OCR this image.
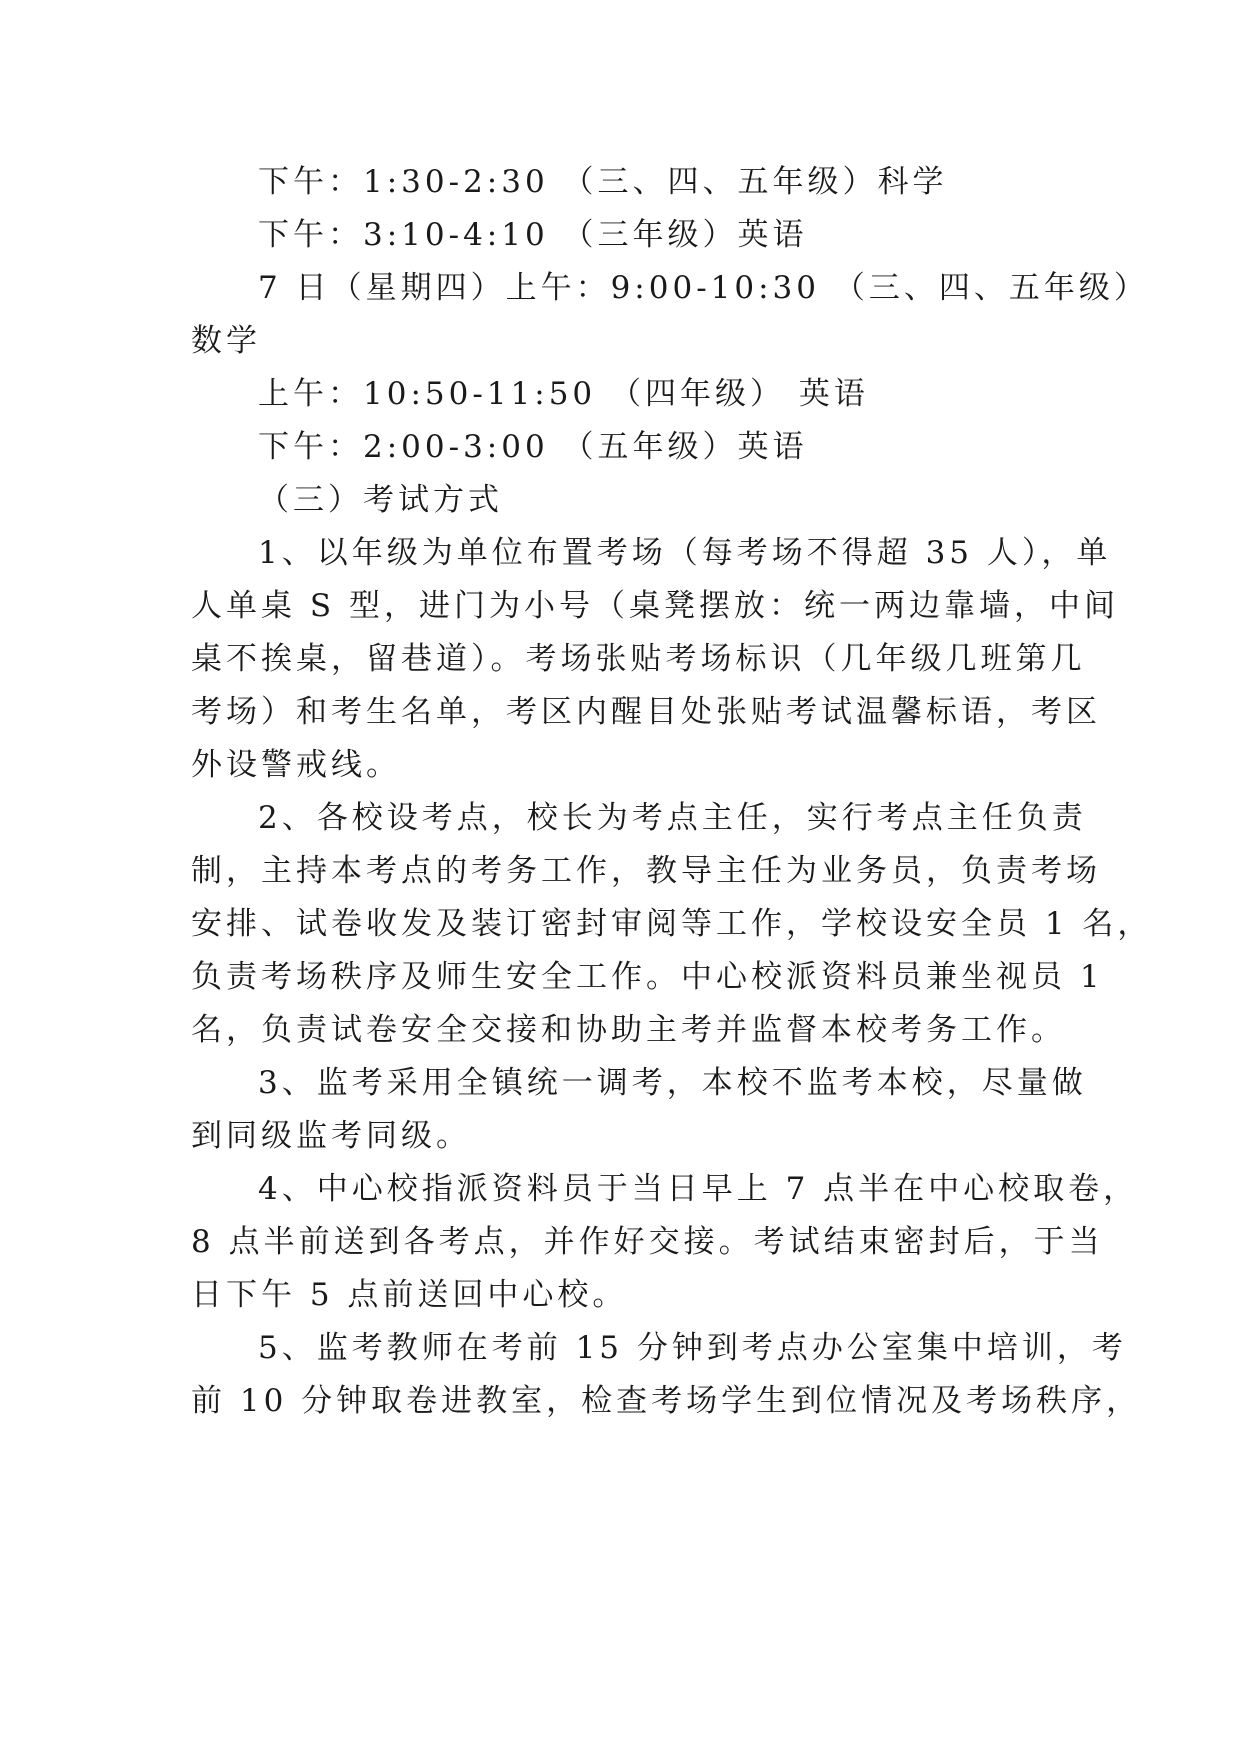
下午：1:30-2:30 （三、四、五年级）科学
下午：3:10-4:10 （三年级）英语
7 日（星期四）上午：9:00-10:30 （三、四、五年级）
数学
上午：10:50-11:50 （四年级） 英语
下午：2:00-3:00 （五年级）英语
（三）考试方式
1、以年级为单位布置考场（每考场不得超 35 人），单
人单桌 S 型，进门为小号（桌凳摆放：统一两边靠墙，中间
桌不挨桌，留巷道）。考场张贴考场标识（几年级几班第几
考场）和考生名单，考区内醒目处张贴考试温馨标语，考区
外设警戒线。
2、各校设考点，校长为考点主任，实行考点主任负责
制，主持本考点的考务工作，教导主任为业务员，负责考场
安排、试卷收发及装订密封审阅等工作，学校设安全员 1 名，
负责考场秩序及师生安全工作。中心校派资料员兼坐视员 1
名，负责试卷安全交接和协助主考并监督本校考务工作。
3、监考采用全镇统一调考，本校不监考本校，尽量做
到同级监考同级。
4、中心校指派资料员于当日早上 7 点半在中心校取卷，
8 点半前送到各考点，并作好交接。考试结束密封后，于当
日下午 5 点前送回中心校。
5、监考教师在考前 15 分钟到考点办公室集中培训，考
前 10 分钟取卷进教室，检查考场学生到位情况及考场秩序，
